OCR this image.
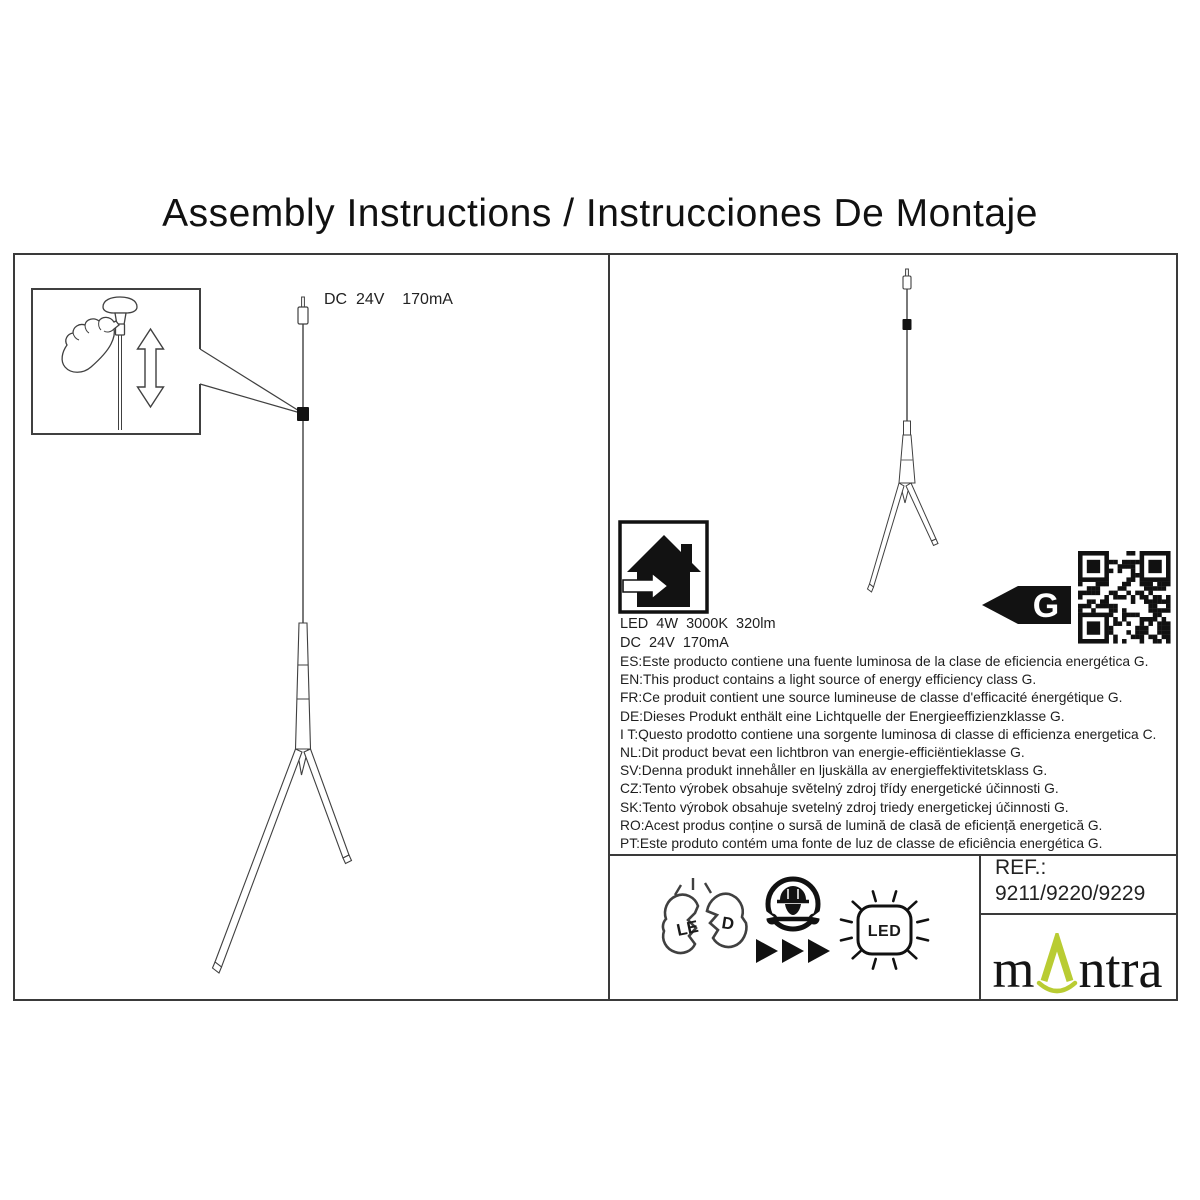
Assembly Instructions / Instrucciones De Montaje
G
LE D	LED
DC  24V    170mA
LED  4W  3000K  320lm
DC  24V  170mA
ES:Este producto contiene una fuente luminosa de la clase de eficiencia energética G.
EN:This product contains a light source of energy efficiency class G.
FR:Ce produit contient une source lumineuse de classe d'efficacité énergétique G.
DE:Dieses Produkt enthält eine Lichtquelle der Energieeffizienzklasse G.
I T:Questo prodotto contiene una sorgente luminosa di classe di efficienza energetica C.
NL:Dit product bevat een lichtbron van energie-efficiëntieklasse G.
SV:Denna produkt innehåller en ljuskälla av energieffektivitetsklass G.
CZ:Tento výrobek obsahuje světelný zdroj třídy energetické účinnosti G.
SK:Tento výrobok obsahuje svetelný zdroj triedy energetickej účinnosti G.
RO:Acest produs conține o sursă de lumină de clasă de eficiență energetică G.
PT:Este produto contém uma fonte de luz de classe de eficiência energética G.
REF.:
9211/9220/9229
m ntra
